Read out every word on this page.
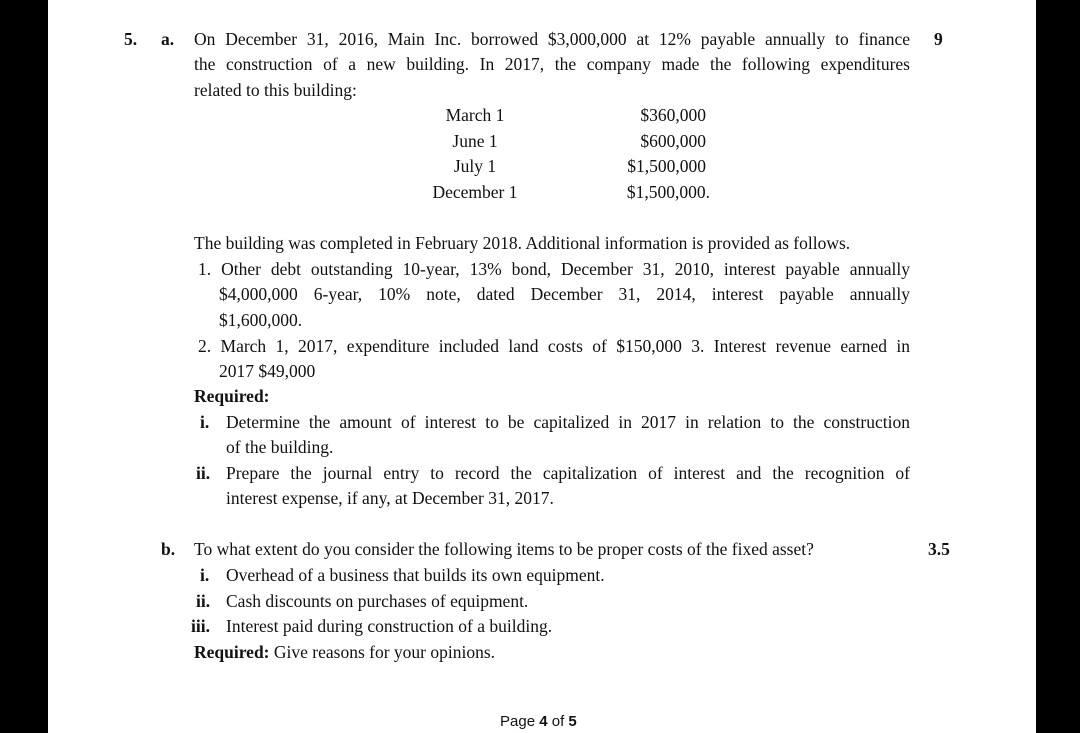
5. a.	9
On December 31, 2016, Main Inc. borrowed $3,000,000 at 12% payable annually to finance
the construction of a new building. In 2017, the company made the following expenditures
related to this building:
March 1	$360,000
June 1	$600,000
July 1	$1,500,000
December 1	$1,500,000.
The building was completed in February 2018. Additional information is provided as follows.
1. Other debt outstanding 10-year, 13% bond, December 31, 2010, interest payable annually
$4,000,000 6-year, 10% note, dated December 31, 2014, interest payable annually
$1,600,000.
2. March 1, 2017, expenditure included land costs of $150,000 3. Interest revenue earned in
2017 $49,000
Required:
i. Determine the amount of interest to be capitalized in 2017 in relation to the construction
of the building.
ii. Prepare the journal entry to record the capitalization of interest and the recognition of
interest expense, if any, at December 31, 2017.
b. To what extent do you consider the following items to be proper costs of the fixed asset?	3.5
i. Overhead of a business that builds its own equipment.
ii. Cash discounts on purchases of equipment.
iii. Interest paid during construction of a building.
Required: Give reasons for your opinions.
Page 4 of 5
